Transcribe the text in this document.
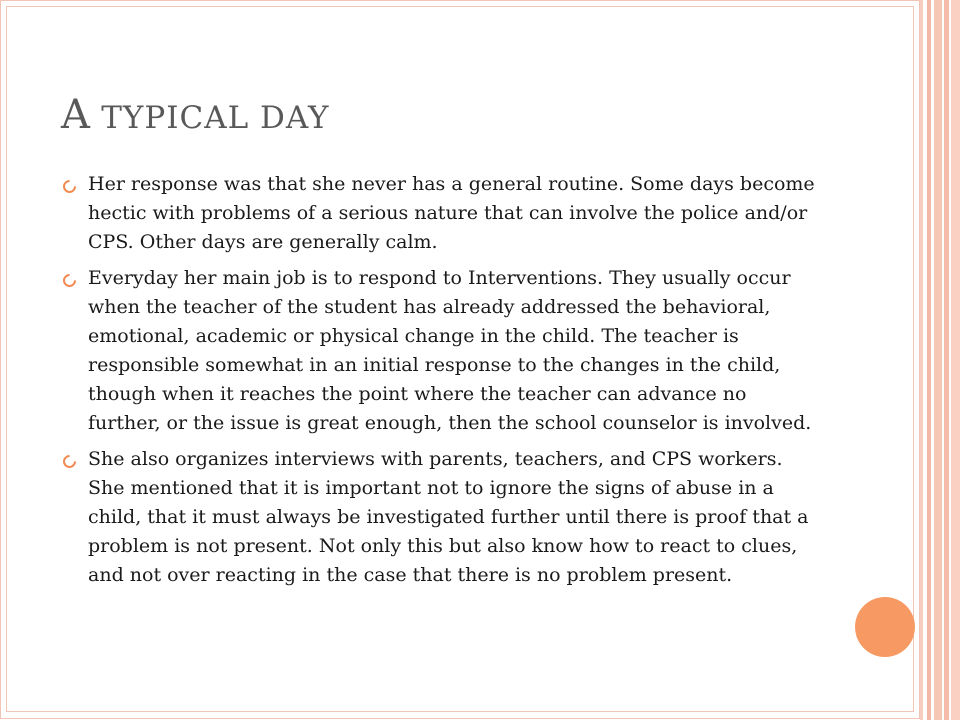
A TYPICAL DAY
Her response was that she never has a general routine. Some days become hectic with problems of a serious nature that can involve the police and/or CPS. Other days are generally calm.
Everyday her main job is to respond to Interventions. They usually occur when the teacher of the student has already addressed the behavioral, emotional, academic or physical change in the child. The teacher is responsible somewhat in an initial response to the changes in the child, though when it reaches the point where the teacher can advance no further, or the issue is great enough, then the school counselor is involved.
She also organizes interviews with parents, teachers, and CPS workers. She mentioned that it is important not to ignore the signs of abuse in a child, that it must always be investigated further until there is proof that a problem is not present. Not only this but also know how to react to clues, and not over reacting in the case that there is no problem present.
